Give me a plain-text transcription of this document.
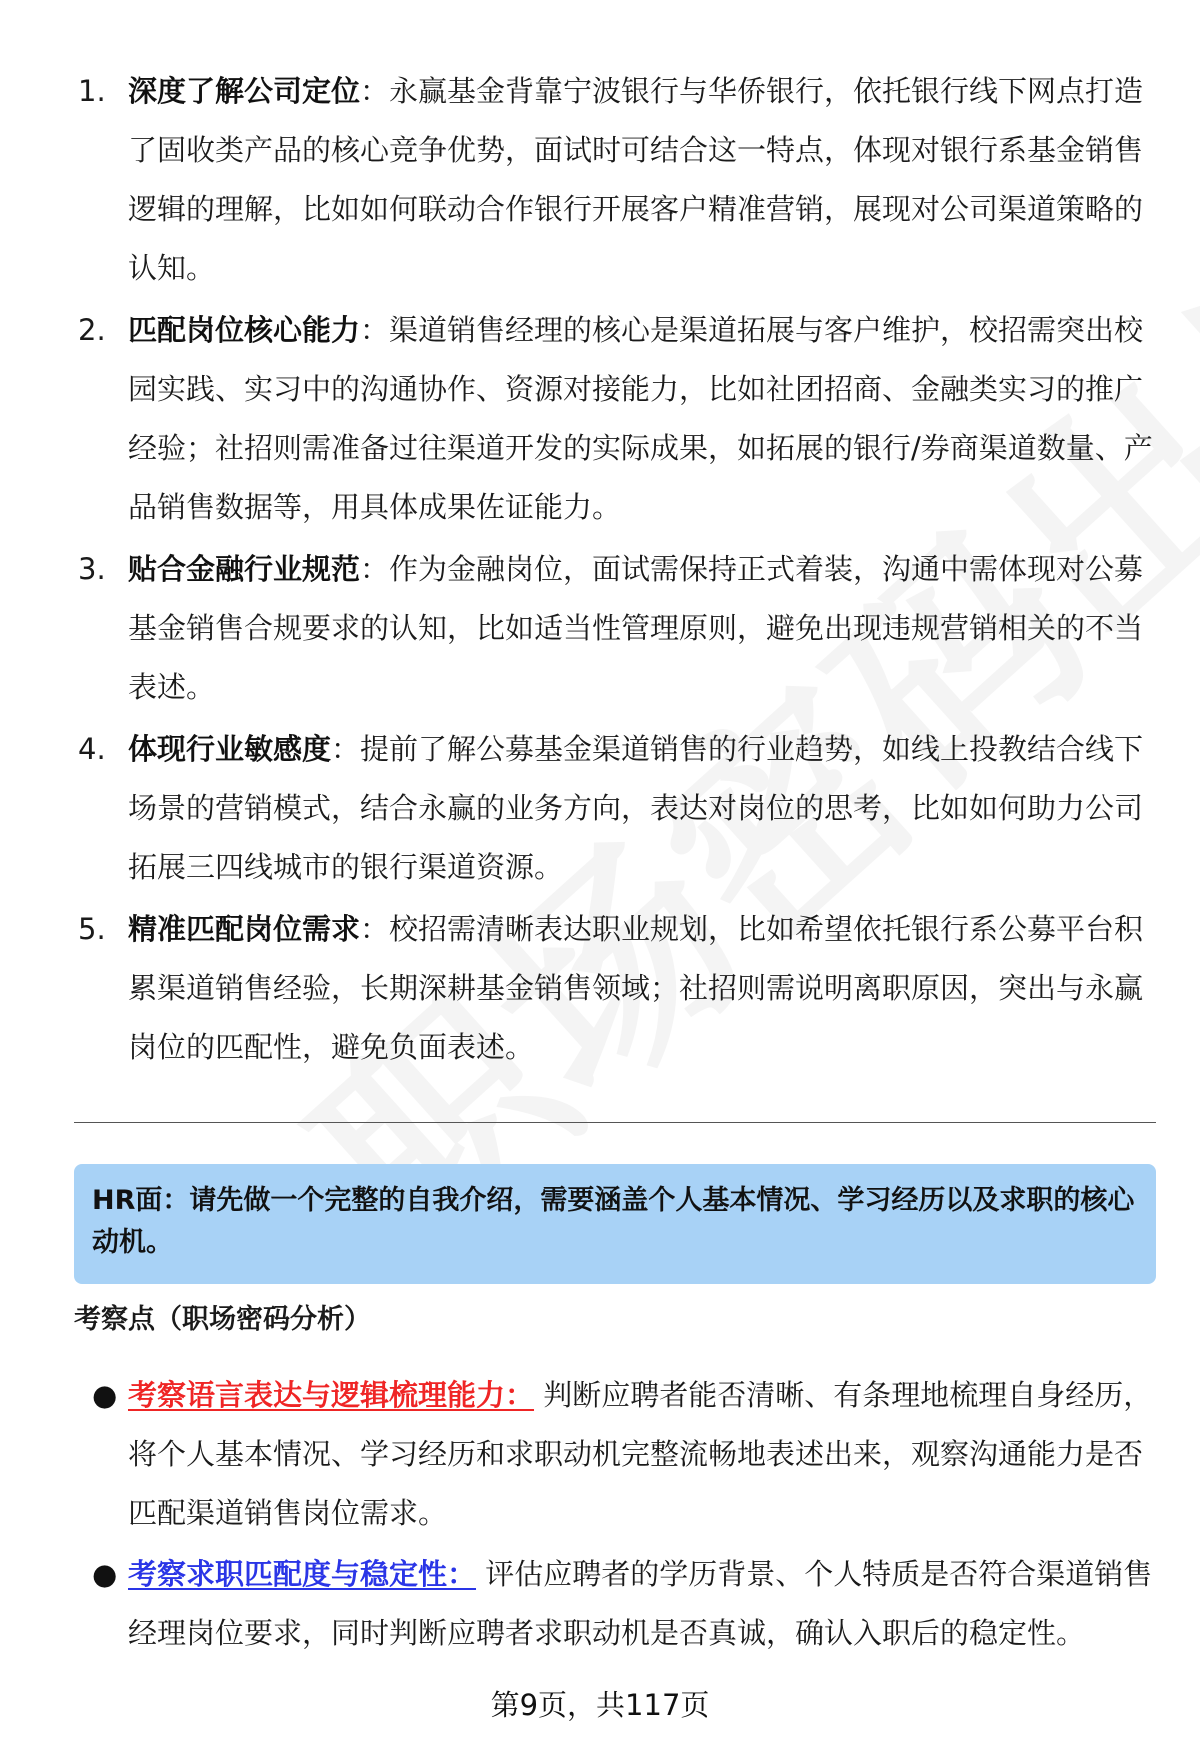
1. 深度了解公司定位：永赢基金背靠宁波银行与华侨银行，依托银行线下网点打造了固收类产品的核心竞争优势，面试时可结合这一特点，体现对银行系基金销售逻辑的理解，比如如何联动合作银行开展客户精准营销，展现对公司渠道策略的认知。
2. 匹配岗位核心能力：渠道销售经理的核心是渠道拓展与客户维护，校招需突出校园实践、实习中的沟通协作、资源对接能力，比如社团招商、金融类实习的推广经验；社招则需准备过往渠道开发的实际成果，如拓展的银行/券商渠道数量、产品销售数据等，用具体成果佐证能力。
3. 贴合金融行业规范：作为金融岗位，面试需保持正式着装，沟通中需体现对公募基金销售合规要求的认知，比如适当性管理原则，避免出现违规营销相关的不当表述。
4. 体现行业敏感度：提前了解公募基金渠道销售的行业趋势，如线上投教结合线下场景的营销模式，结合永赢的业务方向，表达对岗位的思考，比如如何助力公司拓展三四线城市的银行渠道资源。
5. 精准匹配岗位需求：校招需清晰表达职业规划，比如希望依托银行系公募平台积累渠道销售经验，长期深耕基金销售领域；社招则需说明离职原因，突出与永赢岗位的匹配性，避免负面表述。
HR面：请先做一个完整的自我介绍，需要涵盖个人基本情况、学习经历以及求职的核心动机。
考察点（职场密码分析）
● 考察语言表达与逻辑梳理能力： 判断应聘者能否清晰、有条理地梳理自身经历，将个人基本情况、学习经历和求职动机完整流畅地表述出来，观察沟通能力是否匹配渠道销售岗位需求。
● 考察求职匹配度与稳定性： 评估应聘者的学历背景、个人特质是否符合渠道销售经理岗位要求，同时判断应聘者求职动机是否真诚，确认入职后的稳定性。
第9页，共117页
